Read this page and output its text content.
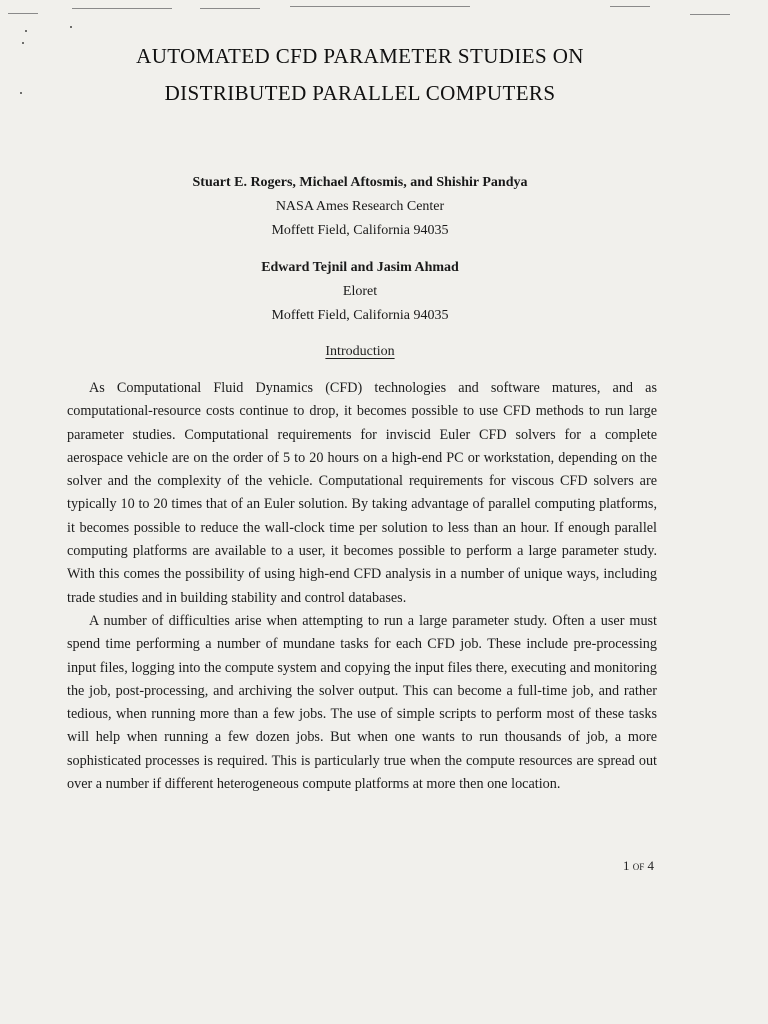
AUTOMATED CFD PARAMETER STUDIES ON
DISTRIBUTED PARALLEL COMPUTERS
Stuart E. Rogers, Michael Aftosmis, and Shishir Pandya
NASA Ames Research Center
Moffett Field, California 94035
Edward Tejnil and Jasim Ahmad
Eloret
Moffett Field, California 94035
Introduction

As Computational Fluid Dynamics (CFD) technologies and software matures, and as computational-resource costs continue to drop, it becomes possible to use CFD methods to run large parameter studies. Computational requirements for inviscid Euler CFD solvers for a complete aerospace vehicle are on the order of 5 to 20 hours on a high-end PC or workstation, depending on the solver and the complexity of the vehicle. Computational requirements for viscous CFD solvers are typically 10 to 20 times that of an Euler solution. By taking advantage of parallel computing platforms, it becomes possible to reduce the wall-clock time per solution to less than an hour. If enough parallel computing platforms are available to a user, it becomes possible to perform a large parameter study. With this comes the possibility of using high-end CFD analysis in a number of unique ways, including trade studies and in building stability and control databases.

A number of difficulties arise when attempting to run a large parameter study. Often a user must spend time performing a number of mundane tasks for each CFD job. These include pre-processing input files, logging into the compute system and copying the input files there, executing and monitoring the job, post-processing, and archiving the solver output. This can become a full-time job, and rather tedious, when running more than a few jobs. The use of simple scripts to perform most of these tasks will help when running a few dozen jobs. But when one wants to run thousands of job, a more sophisticated processes is required. This is particularly true when the compute resources are spread out over a number if different heterogeneous compute platforms at more then one location.

1 of 4
